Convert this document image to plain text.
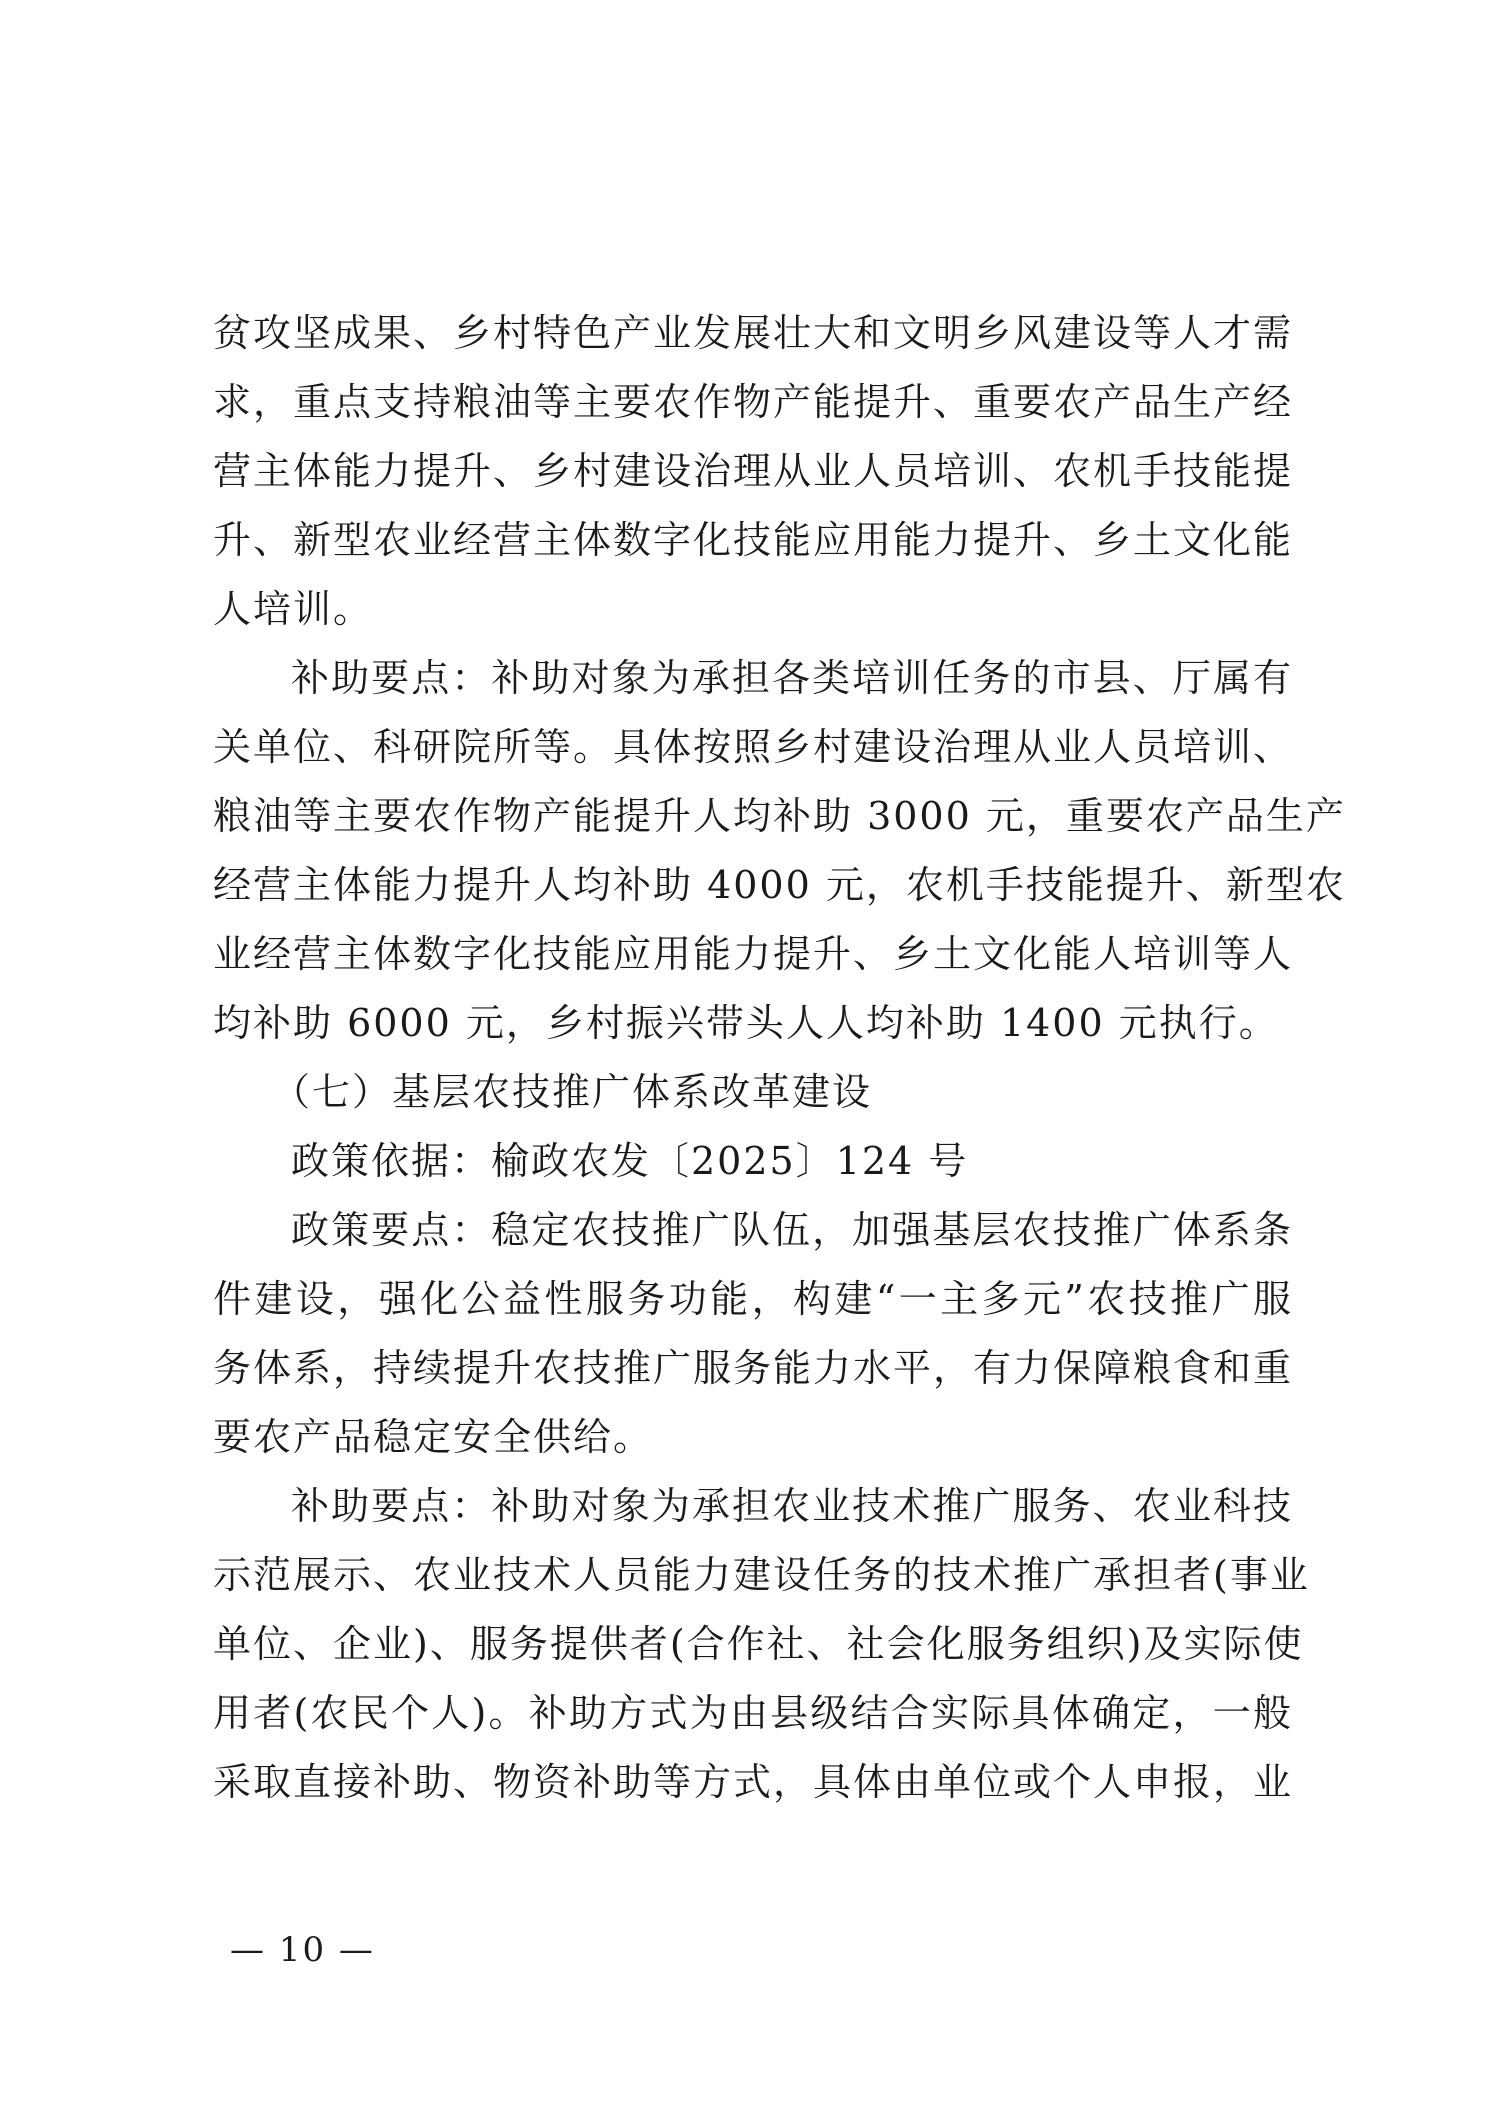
贫攻坚成果、乡村特色产业发展壮大和文明乡风建设等人才需
求，重点支持粮油等主要农作物产能提升、重要农产品生产经
营主体能力提升、乡村建设治理从业人员培训、农机手技能提
升、新型农业经营主体数字化技能应用能力提升、乡土文化能
人培训。
补助要点：补助对象为承担各类培训任务的市县、厅属有
关单位、科研院所等。具体按照乡村建设治理从业人员培训、
粮油等主要农作物产能提升人均补助 3000 元，重要农产品生产
经营主体能力提升人均补助 4000 元，农机手技能提升、新型农
业经营主体数字化技能应用能力提升、乡土文化能人培训等人
均补助 6000 元，乡村振兴带头人人均补助 1400 元执行。
（七）基层农技推广体系改革建设
政策依据：榆政农发〔2025〕124 号
政策要点：稳定农技推广队伍，加强基层农技推广体系条
件建设，强化公益性服务功能，构建“一主多元”农技推广服
务体系，持续提升农技推广服务能力水平，有力保障粮食和重
要农产品稳定安全供给。
补助要点：补助对象为承担农业技术推广服务、农业科技
示范展示、农业技术人员能力建设任务的技术推广承担者(事业
单位、企业)、服务提供者(合作社、社会化服务组织)及实际使
用者(农民个人)。补助方式为由县级结合实际具体确定，一般
采取直接补助、物资补助等方式，具体由单位或个人申报，业
— 10 —
